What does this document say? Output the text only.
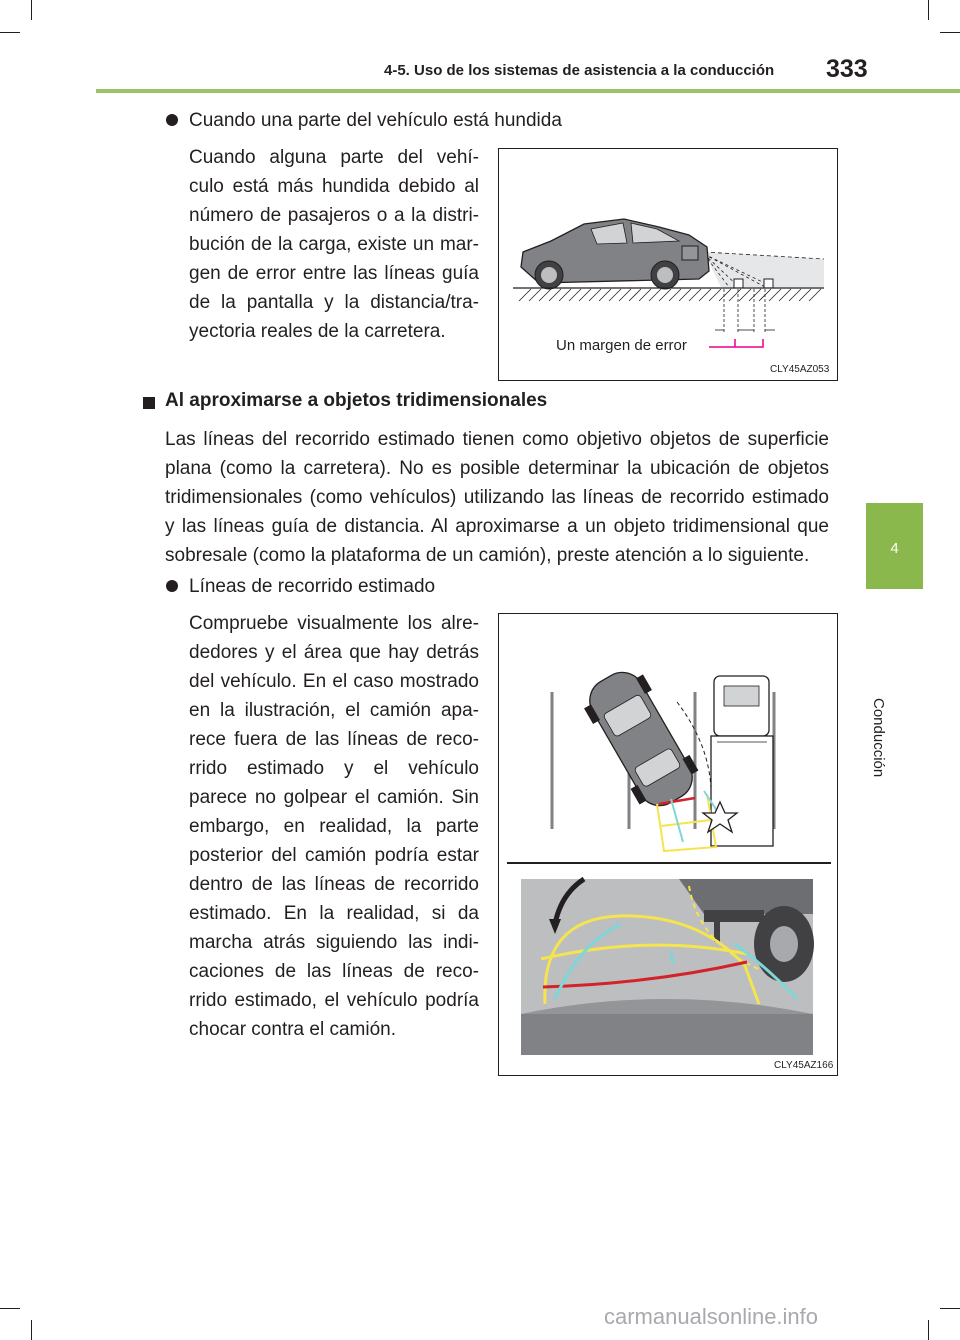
4-5. Uso de los sistemas de asistencia a la conducción 333
4
Conducción
Cuando una parte del vehículo está hundida
Cuando alguna parte del vehí-
culo está más hundida debido al
número de pasajeros o a la distri-
bución de la carga, existe un mar-
gen de error entre las líneas guía
de la pantalla y la distancia/tra-
yectoria reales de la carretera.
Un margen de error
CLY45AZ053
Al aproximarse a objetos tridimensionales
Las líneas del recorrido estimado tienen como objetivo objetos de superficie
plana (como la carretera). No es posible determinar la ubicación de objetos
tridimensionales (como vehículos) utilizando las líneas de recorrido estimado
y las líneas guía de distancia. Al aproximarse a un objeto tridimensional que
sobresale (como la plataforma de un camión), preste atención a lo siguiente.
Líneas de recorrido estimado
Compruebe visualmente los alre-
dedores y el área que hay detrás
del vehículo. En el caso mostrado
en la ilustración, el camión apa-
rece fuera de las líneas de reco-
rrido estimado y el vehículo
parece no golpear el camión. Sin
embargo, en realidad, la parte
posterior del camión podría estar
dentro de las líneas de recorrido
estimado. En la realidad, si da
marcha atrás siguiendo las indi-
caciones de las líneas de reco-
rrido estimado, el vehículo podría
chocar contra el camión.
CLY45AZ166
carmanualsonline.info
